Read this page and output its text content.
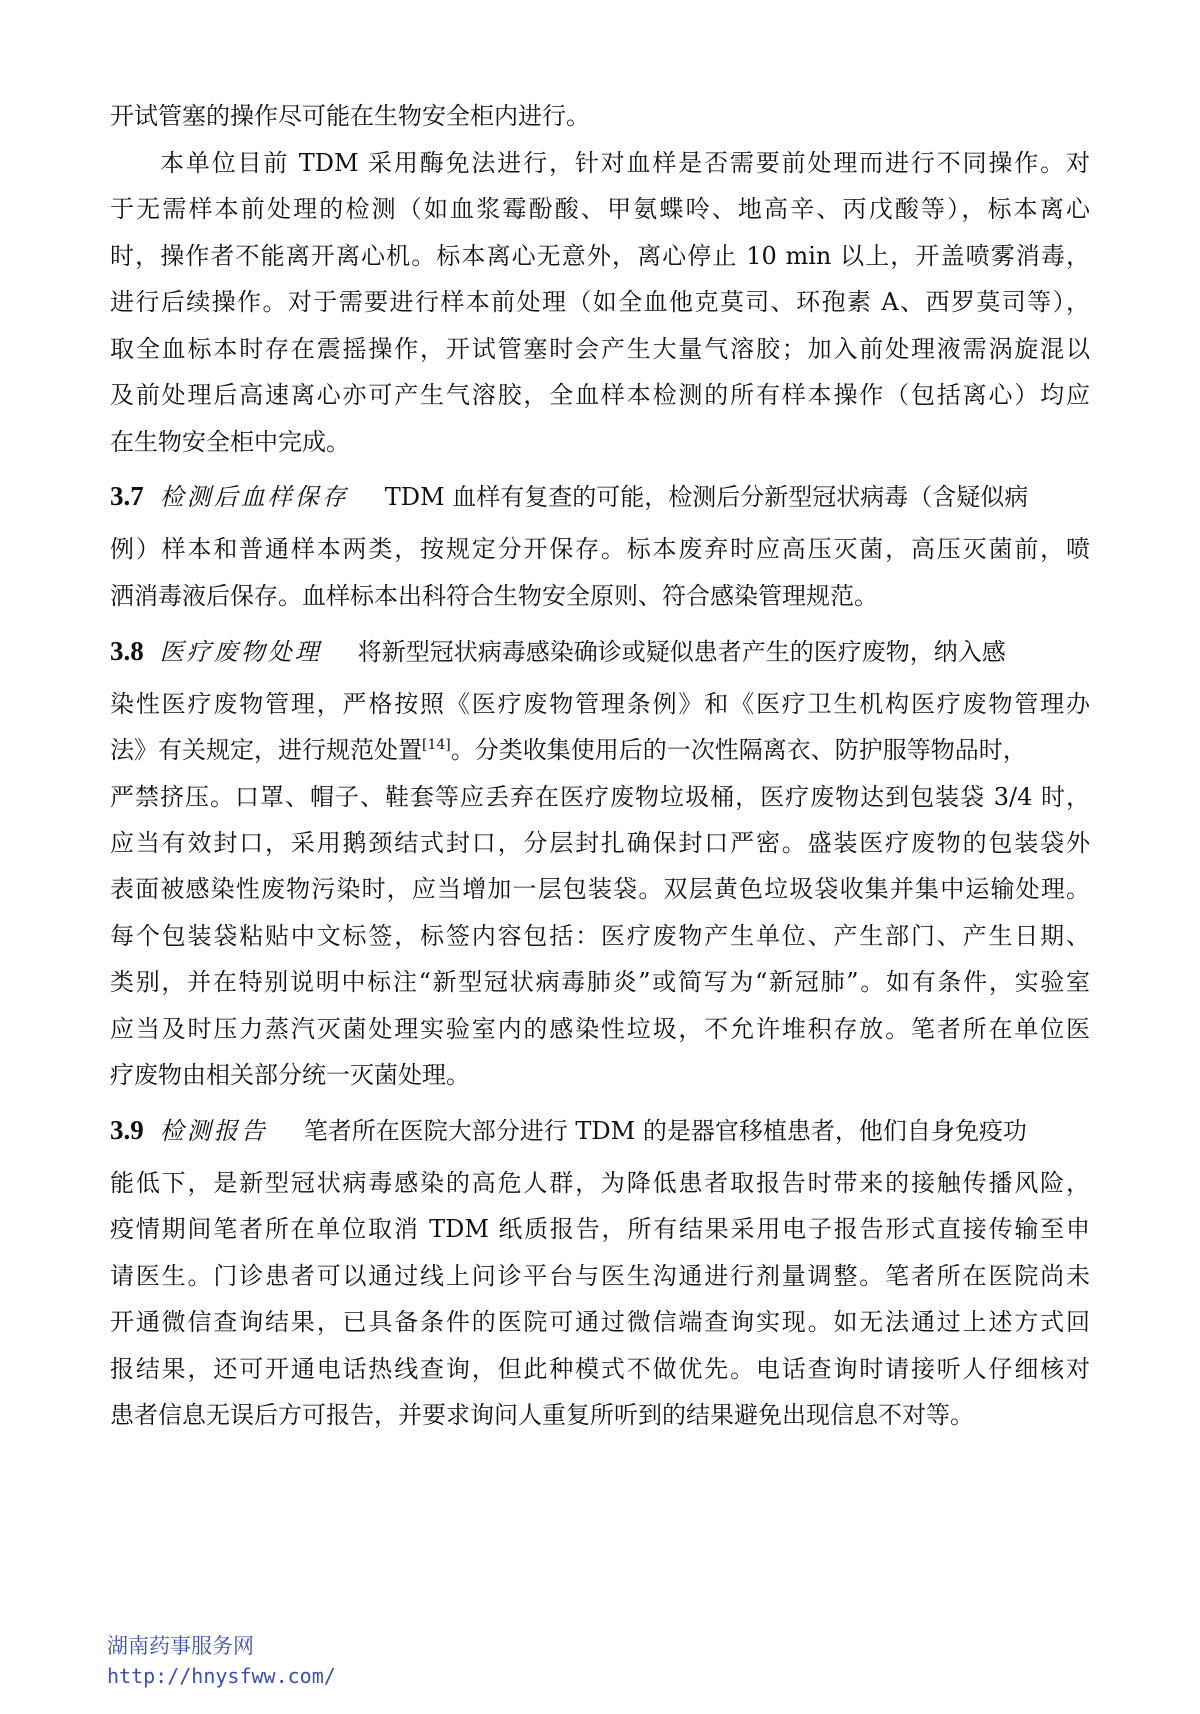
开试管塞的操作尽可能在生物安全柜内进行。
本单位目前 TDM 采用酶免法进行，针对血样是否需要前处理而进行不同操作。对
于无需样本前处理的检测（如血浆霉酚酸、甲氨蝶呤、地高辛、丙戊酸等），标本离心
时，操作者不能离开离心机。标本离心无意外，离心停止 10 min 以上，开盖喷雾消毒，
进行后续操作。对于需要进行样本前处理（如全血他克莫司、环孢素 A、西罗莫司等），
取全血标本时存在震摇操作，开试管塞时会产生大量气溶胶；加入前处理液需涡旋混以
及前处理后高速离心亦可产生气溶胶，全血样本检测的所有样本操作（包括离心）均应
在生物安全柜中完成。
3.7 检测后血样保存 TDM 血样有复查的可能，检测后分新型冠状病毒（含疑似病
例）样本和普通样本两类，按规定分开保存。标本废弃时应高压灭菌，高压灭菌前，喷
洒消毒液后保存。血样标本出科符合生物安全原则、符合感染管理规范。
3.8 医疗废物处理 将新型冠状病毒感染确诊或疑似患者产生的医疗废物，纳入感
染性医疗废物管理，严格按照《医疗废物管理条例》和《医疗卫生机构医疗废物管理办
法》有关规定，进行规范处置[14]。分类收集使用后的一次性隔离衣、防护服等物品时，
严禁挤压。口罩、帽子、鞋套等应丢弃在医疗废物垃圾桶，医疗废物达到包装袋 3/4 时，
应当有效封口，采用鹅颈结式封口，分层封扎确保封口严密。盛装医疗废物的包装袋外
表面被感染性废物污染时，应当增加一层包装袋。双层黄色垃圾袋收集并集中运输处理。
每个包装袋粘贴中文标签，标签内容包括：医疗废物产生单位、产生部门、产生日期、
类别，并在特别说明中标注“新型冠状病毒肺炎”或简写为“新冠肺”。如有条件，实验室
应当及时压力蒸汽灭菌处理实验室内的感染性垃圾，不允许堆积存放。笔者所在单位医
疗废物由相关部分统一灭菌处理。
3.9 检测报告 笔者所在医院大部分进行 TDM 的是器官移植患者，他们自身免疫功
能低下，是新型冠状病毒感染的高危人群，为降低患者取报告时带来的接触传播风险，
疫情期间笔者所在单位取消 TDM 纸质报告，所有结果采用电子报告形式直接传输至申
请医生。门诊患者可以通过线上问诊平台与医生沟通进行剂量调整。笔者所在医院尚未
开通微信查询结果，已具备条件的医院可通过微信端查询实现。如无法通过上述方式回
报结果，还可开通电话热线查询，但此种模式不做优先。电话查询时请接听人仔细核对
患者信息无误后方可报告，并要求询问人重复所听到的结果避免出现信息不对等。
湖南药事服务网
http://hnysfww.com/
